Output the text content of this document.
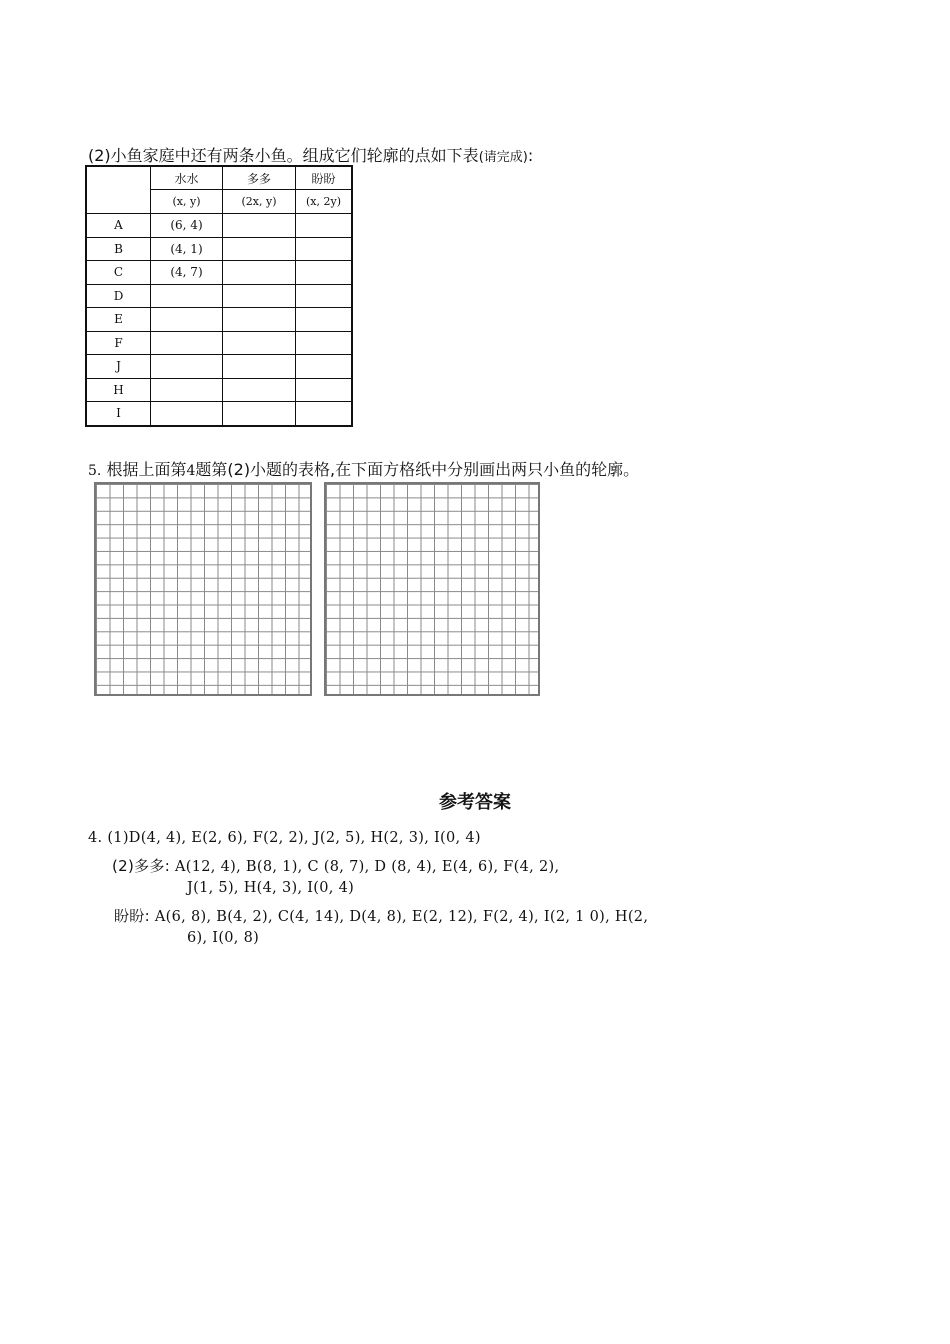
(2)小鱼家庭中还有两条小鱼。组成它们轮廓的点如下表(请完成):
	水水	多多	盼盼
	(x, y)	(2x, y)	(x, 2y)
A	(6, 4)		
B	(4, 1)		
C	(4, 7)		
D			
E			
F			
J			
H			
I			
5. 根据上面第4题第(2)小题的表格,在下面方格纸中分别画出两只小鱼的轮廓。
参考答案
4. (1)D(4, 4), E(2, 6), F(2, 2), J(2, 5), H(2, 3), I(0, 4)
(2)多多: A(12, 4), B(8, 1), C (8, 7), D (8, 4), E(4, 6), F(4, 2),
J(1, 5), H(4, 3), I(0, 4)
盼盼: A(6, 8), B(4, 2), C(4, 14), D(4, 8), E(2, 12), F(2, 4), I(2, 1 0), H(2,
6), I(0, 8)
